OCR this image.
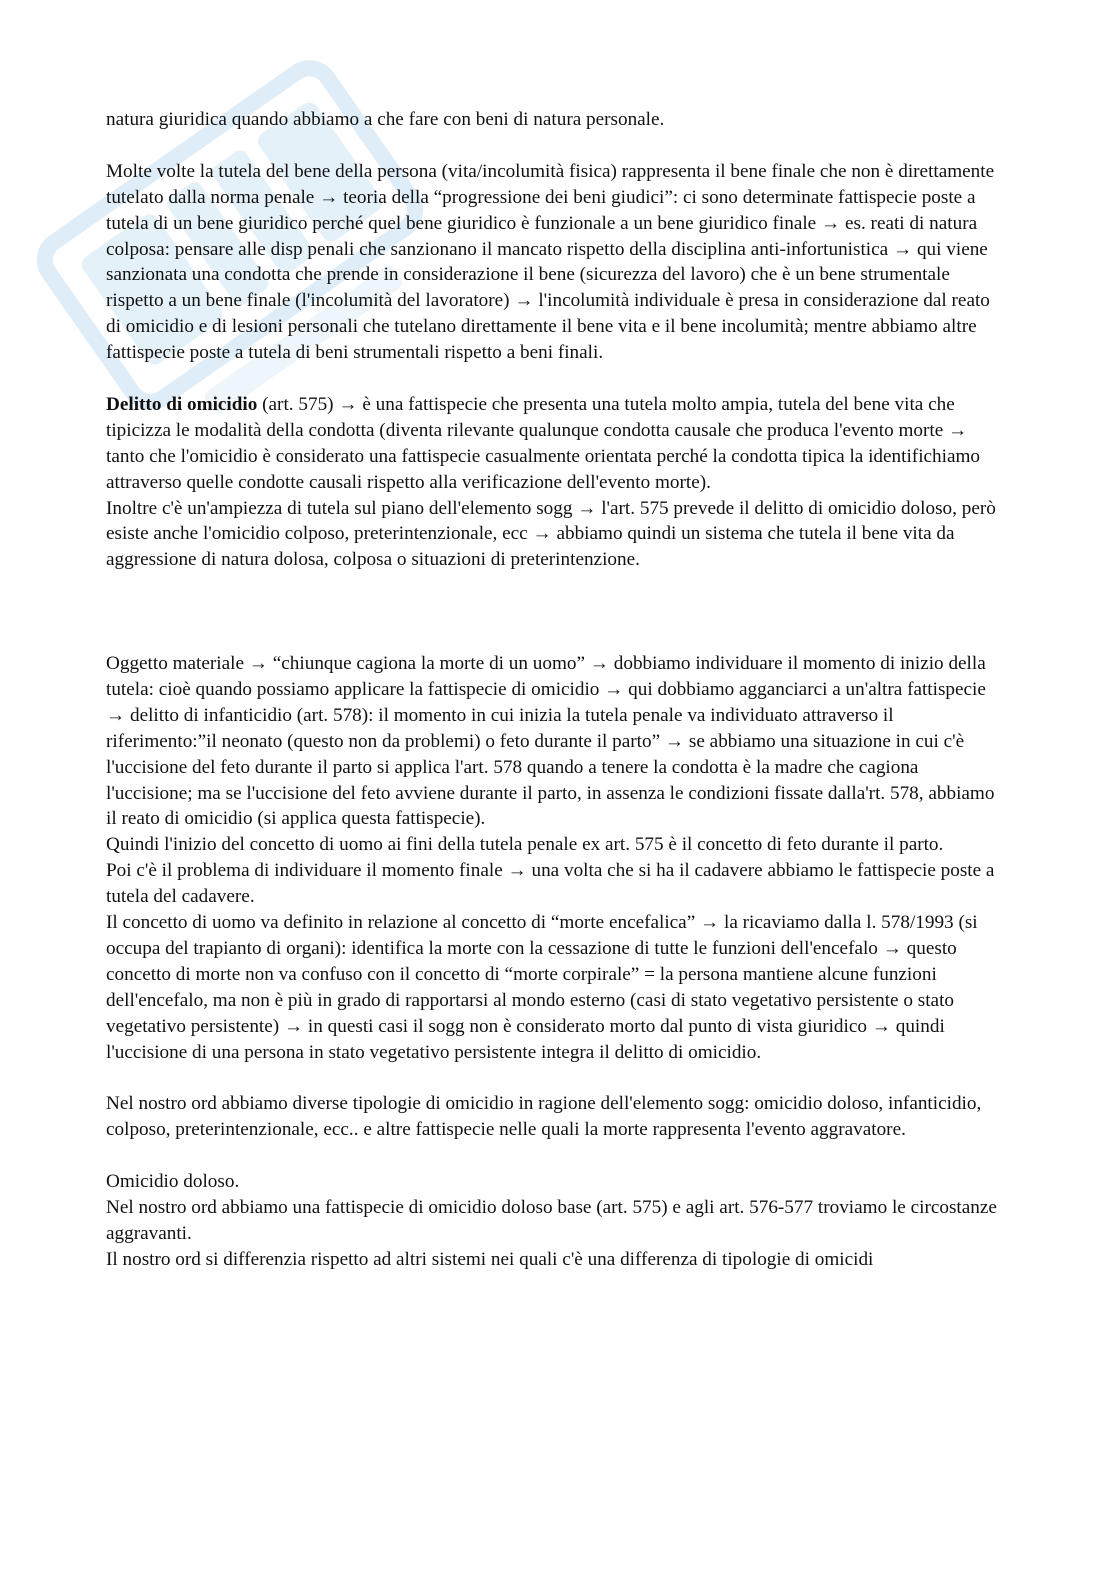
natura giuridica quando abbiamo a che fare con beni di natura personale.

Molte volte la tutela del bene della persona (vita/incolumità fisica) rappresenta il bene finale che non è direttamente tutelato dalla norma penale → teoria della “progressione dei beni giudici”: ci sono determinate fattispecie poste a tutela di un bene giuridico perché quel bene giuridico è funzionale a un bene giuridico finale → es. reati di natura colposa: pensare alle disp penali che sanzionano il mancato rispetto della disciplina anti-infortunistica → qui viene sanzionata una condotta che prende in considerazione il bene (sicurezza del lavoro) che è un bene strumentale rispetto a un bene finale (l'incolumità del lavoratore) → l'incolumità individuale è presa in considerazione dal reato di omicidio e di lesioni personali che tutelano direttamente il bene vita e il bene incolumità; mentre abbiamo altre fattispecie poste a tutela di beni strumentali rispetto a beni finali.

Delitto di omicidio (art. 575) → è una fattispecie che presenta una tutela molto ampia, tutela del bene vita che tipicizza le modalità della condotta (diventa rilevante qualunque condotta causale che produca l'evento morte → tanto che l'omicidio è considerato una fattispecie casualmente orientata perché la condotta tipica la identifichiamo attraverso quelle condotte causali rispetto alla verificazione dell'evento morte).

Inoltre c'è un'ampiezza di tutela sul piano dell'elemento sogg → l'art. 575 prevede il delitto di omicidio doloso, però esiste anche l'omicidio colposo, preterintenzionale, ecc → abbiamo quindi un sistema che tutela il bene vita da aggressione di natura dolosa, colposa o situazioni di preterintenzione.

Oggetto materiale → “chiunque cagiona la morte di un uomo” → dobbiamo individuare il momento di inizio della tutela: cioè quando possiamo applicare la fattispecie di omicidio → qui dobbiamo agganciarci a un'altra fattispecie → delitto di infanticidio (art. 578): il momento in cui inizia la tutela penale va individuato attraverso il riferimento:”il neonato (questo non da problemi) o feto durante il parto” → se abbiamo una situazione in cui c'è l'uccisione del feto durante il parto si applica l'art. 578 quando a tenere la condotta è la madre che cagiona l'uccisione; ma se l'uccisione del feto avviene durante il parto, in assenza le condizioni fissate dalla'rt. 578, abbiamo il reato di omicidio (si applica questa fattispecie).

Quindi l'inizio del concetto di uomo ai fini della tutela penale ex art. 575 è il concetto di feto durante il parto.

Poi c'è il problema di individuare il momento finale → una volta che si ha il cadavere abbiamo le fattispecie poste a tutela del cadavere.

Il concetto di uomo va definito in relazione al concetto di “morte encefalica” → la ricaviamo dalla l. 578/1993 (si occupa del trapianto di organi): identifica la morte con la cessazione di tutte le funzioni dell'encefalo → questo concetto di morte non va confuso con il concetto di “morte corpirale” = la persona mantiene alcune funzioni dell'encefalo, ma non è più in grado di rapportarsi al mondo esterno (casi di stato vegetativo persistente o stato vegetativo persistente) → in questi casi il sogg non è considerato morto dal punto di vista giuridico → quindi l'uccisione di una persona in stato vegetativo persistente integra il delitto di omicidio.

Nel nostro ord abbiamo diverse tipologie di omicidio in ragione dell'elemento sogg: omicidio doloso, infanticidio, colposo, preterintenzionale, ecc.. e altre fattispecie nelle quali la morte rappresenta l'evento aggravatore.

Omicidio doloso.

Nel nostro ord abbiamo una fattispecie di omicidio doloso base (art. 575) e agli art. 576-577 troviamo le circostanze aggravanti.

Il nostro ord si differenzia rispetto ad altri sistemi nei quali c'è una differenza di tipologie di omicidi
